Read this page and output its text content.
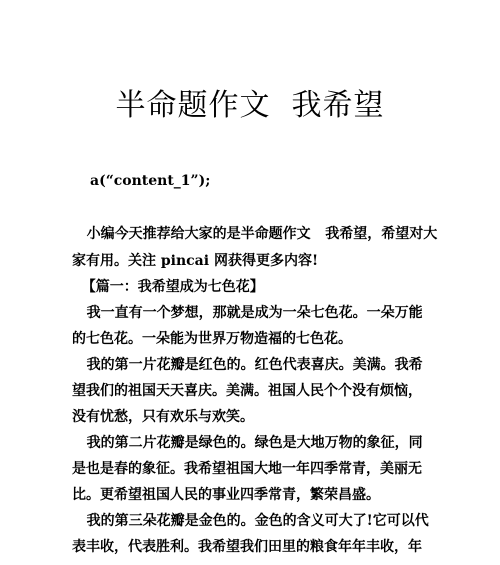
半命题作文  我希望
a(“content_1”);
小编今天推荐给大家的是半命题作文   我希望，希望对大
家有用。关注 pincai 网获得更多内容!
【篇一：我希望成为七色花】
我一直有一个梦想，那就是成为一朵七色花。一朵万能
的七色花。一朵能为世界万物造福的七色花。
我的第一片花瓣是红色的。红色代表喜庆。美满。我希
望我们的祖国天天喜庆。美满。祖国人民个个没有烦恼，
没有忧愁，只有欢乐与欢笑。
我的第二片花瓣是绿色的。绿色是大地万物的象征，同
是也是春的象征。我希望祖国大地一年四季常青，美丽无
比。更希望祖国人民的事业四季常青，繁荣昌盛。
我的第三朵花瓣是金色的。金色的含义可大了!它可以代
表丰收，代表胜利。我希望我们田里的粮食年年丰收，年
